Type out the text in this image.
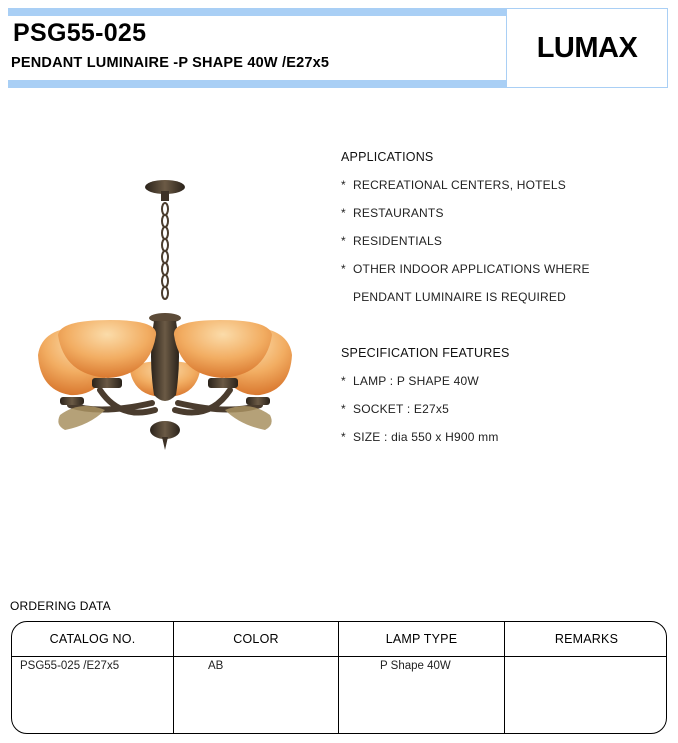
PSG55-025
PENDANT LUMINAIRE -P SHAPE 40W /E27x5	LUMAX
APPLICATIONS
* RECREATIONAL CENTERS, HOTELS
* RESTAURANTS
* RESIDENTIALS
* OTHER INDOOR APPLICATIONS WHERE
PENDANT LUMINAIRE IS REQUIRED
SPECIFICATION FEATURES
* LAMP : P SHAPE 40W
* SOCKET : E27x5
* SIZE : dia 550 x H900 mm
ORDERING DATA
CATALOG NO.	COLOR	LAMP TYPE	REMARKS
PSG55-025 /E27x5	AB	P Shape 40W
